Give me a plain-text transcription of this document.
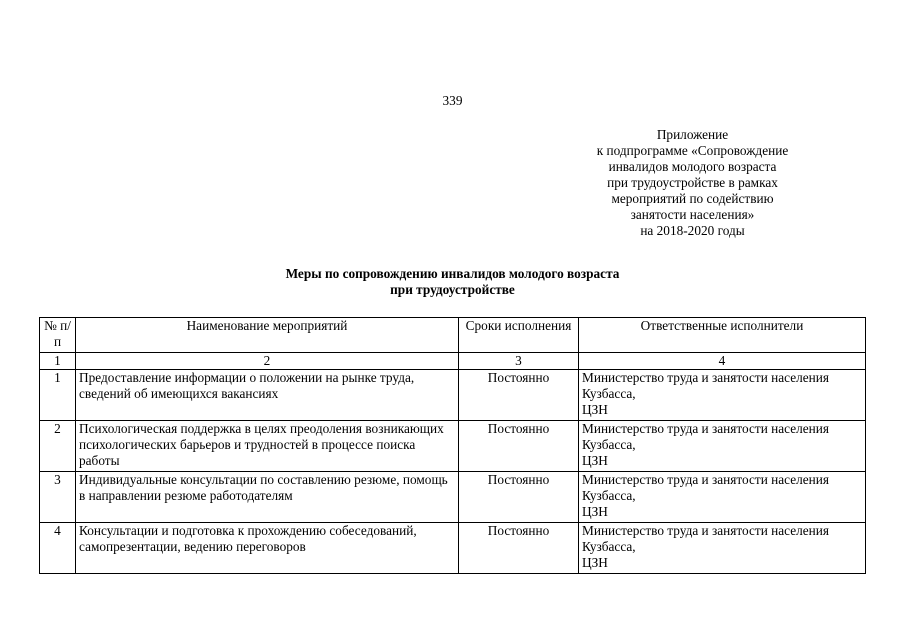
339
Приложение
к подпрограмме «Сопровождение
инвалидов молодого возраста
при трудоустройстве в рамках
мероприятий по содействию
занятости населения»
на 2018-2020 годы
Меры по сопровождению инвалидов молодого возраста
при трудоустройстве
№ п/п	Наименование мероприятий	Сроки исполнения	Ответственные исполнители
1	2	3	4
1	Предоставление информации о положении на рынке труда, сведений об имеющихся вакансиях	Постоянно	Министерство труда и занятости населения Кузбасса,
ЦЗН
2	Психологическая поддержка в целях преодоления возникающих психологических барьеров и трудностей в процессе поиска работы	Постоянно	Министерство труда и занятости населения Кузбасса,
ЦЗН
3	Индивидуальные консультации по составлению резюме, помощь в направлении резюме работодателям	Постоянно	Министерство труда и занятости населения Кузбасса,
ЦЗН
4	Консультации и подготовка к прохождению собеседований, самопрезентации, ведению переговоров	Постоянно	Министерство труда и занятости населения Кузбасса,
ЦЗН
